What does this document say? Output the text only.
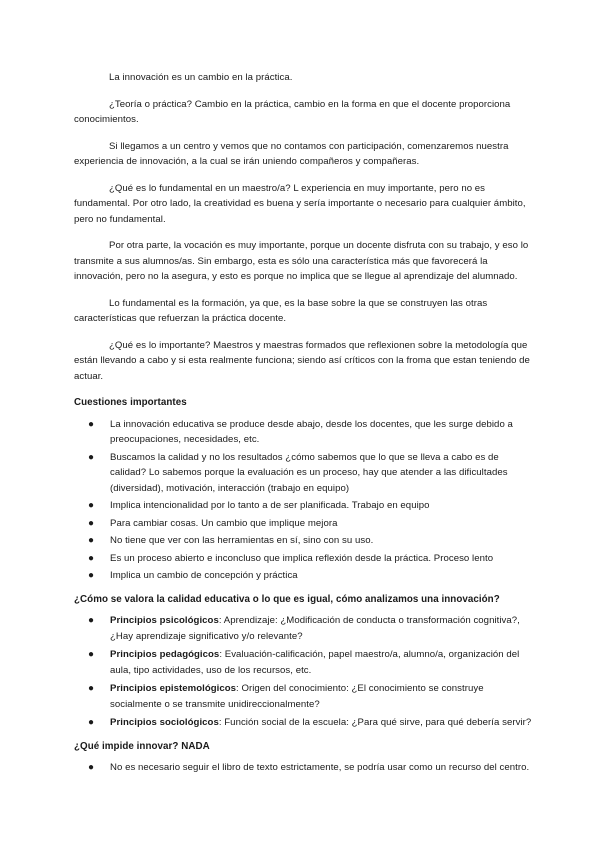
La innovación es un cambio en la práctica.

¿Teoría o práctica? Cambio en la práctica, cambio en la forma en que el docente proporciona conocimientos.

Si llegamos a un centro y vemos que no contamos con participación, comenzaremos nuestra experiencia de innovación, a la cual se irán uniendo compañeros y compañeras.

¿Qué es lo fundamental en un maestro/a? L experiencia en muy importante, pero no es fundamental. Por otro lado, la creatividad es buena y sería importante o necesario para cualquier ámbito, pero no fundamental.

Por otra parte, la vocación es muy importante, porque un docente disfruta con su trabajo, y eso lo transmite a sus alumnos/as. Sin embargo, esta es sólo una característica más que favorecerá la innovación, pero no la asegura, y esto es porque no implica que se llegue al aprendizaje del alumnado.

Lo fundamental es la formación, ya que, es la base sobre la que se construyen las otras características que refuerzan la práctica docente.

¿Qué es lo importante? Maestros y maestras formados que reflexionen sobre la metodología que están llevando a cabo y si esta realmente funciona; siendo así críticos con la froma que estan teniendo de actuar.

Cuestiones importantes
● La innovación educativa se produce desde abajo, desde los docentes, que les surge debido a preocupaciones, necesidades, etc.
● Buscamos la calidad y no los resultados ¿cómo sabemos que lo que se lleva a cabo es de calidad? Lo sabemos porque la evaluación es un proceso, hay que atender a las dificultades (diversidad), motivación, interacción (trabajo en equipo)
● Implica intencionalidad por lo tanto a de ser planificada. Trabajo en equipo
● Para cambiar cosas. Un cambio que implique mejora
● No tiene que ver con las herramientas en sí, sino con su uso.
● Es un proceso abierto e inconcluso que implica reflexión desde la práctica. Proceso lento
● Implica un cambio de concepción y práctica
¿Cómo se valora la calidad educativa o lo que es igual, cómo analizamos una innovación?
● Principios psicológicos: Aprendizaje: ¿Modificación de conducta o transformación cognitiva?,¿Hay aprendizaje significativo y/o relevante?
● Principios pedagógicos: Evaluación-calificación, papel maestro/a, alumno/a, organización del aula, tipo actividades, uso de los recursos, etc.
● Principios epistemológicos: Origen del conocimiento: ¿El conocimiento se construye socialmente o se transmite unidireccionalmente?
● Principios sociológicos: Función social de la escuela: ¿Para qué sirve, para qué debería servir?
¿Qué impide innovar? NADA
● No es necesario seguir el libro de texto estrictamente, se podría usar como un recurso del centro.
